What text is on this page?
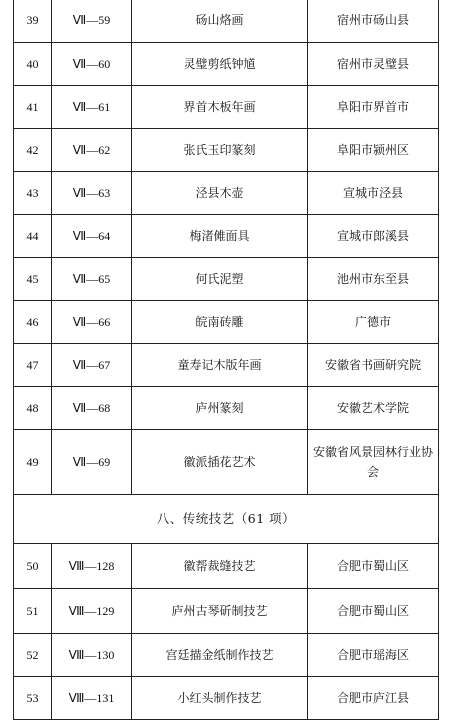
39	Ⅶ—59	砀山烙画	宿州市砀山县
40	Ⅶ—60	灵璧剪纸钟馗	宿州市灵璧县
41	Ⅶ—61	界首木板年画	阜阳市界首市
42	Ⅶ—62	张氏玉印篆刻	阜阳市颍州区
43	Ⅶ—63	泾县木壶	宣城市泾县
44	Ⅶ—64	梅渚傩面具	宣城市郎溪县
45	Ⅶ—65	何氏泥塑	池州市东至县
46	Ⅶ—66	皖南砖雕	广德市
47	Ⅶ—67	童寿记木版年画	安徽省书画研究院
48	Ⅶ—68	庐州篆刻	安徽艺术学院
49	Ⅶ—69	徽派插花艺术	安徽省风景园林行业协会
八、传统技艺（61 项）			
50	Ⅷ—128	徽帮裁缝技艺	合肥市蜀山区
51	Ⅷ—129	庐州古琴斫制技艺	合肥市蜀山区
52	Ⅷ—130	宫廷描金纸制作技艺	合肥市瑶海区
53	Ⅷ—131	小红头制作技艺	合肥市庐江县
